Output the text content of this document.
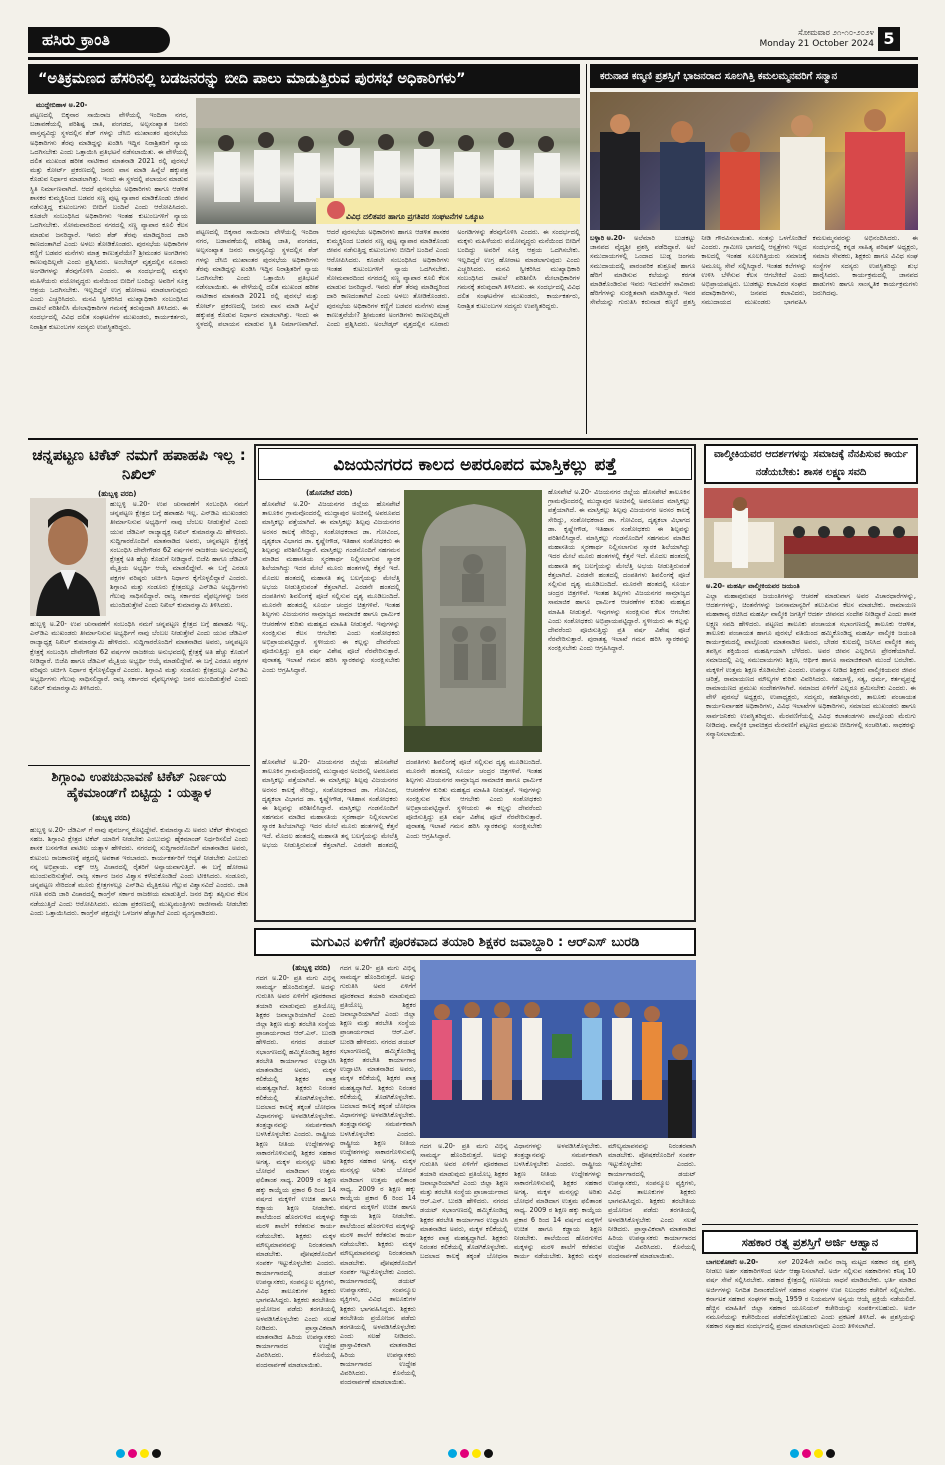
ಹಸಿರು ಕ್ರಾಂತಿ	ಸೋಮವಾರ ೨೧-೧೦-೨೦೨೪
Monday 21 October 2024 5
“ಅತಿಕ್ರಮಣದ ಹೆಸರಿನಲ್ಲಿ ಬಡಜನರನ್ನು ಬೀದಿ ಪಾಲು ಮಾಡುತ್ತಿರುವ ಪುರಸಭೆ ಅಧಿಕಾರಿಗಳು”
ವಿವಿಧ ದಲಿತಪರ ಹಾಗೂ ಪ್ರಗತಿಪರ ಸಂಘಟನೆಗಳ ಒಕ್ಕೂಟ
ಮುದ್ದೇಬಿಹಾಳ ಅ.20-
ಪಟ್ಟಣದಲ್ಲಿ ಬಿಕ್ಕನಾರ ಸಾಯಿರಾಜ ವೇಳೆಯಲ್ಲಿ ಇಂದಿರಾ ನಗರ, ಬಡಾವಣೆಯಲ್ಲಿ ಪರಿಶಿಷ್ಟ ಜಾತಿ, ಪಂಗಡದ, ಅಲ್ಪಸಂಖ್ಯಾತ ಜನರು ವಾಸ್ತವ್ಯವಿದ್ದು ಸ್ಥಳದಲ್ಲಿನ ಶೆಡ್ ಗಳನ್ನು ಜೆಸಿಬಿ ಮುಖಾಂತರ ಪುರಸಭೆಯ ಅಧಿಕಾರಿಗಳು ತೆರವು ಮಾಡಿದ್ದನ್ನು ಖಂಡಿಸಿ ಇದ್ದಿನ ನಿರಾಶ್ರಿತರಿಗೆ ನ್ಯಾಯ ಒದಗಿಸಬೇಕು ಎಂದು ಒತ್ತಾಯಿಸಿ ಪ್ರತಿಭಟನೆ ನಡೆಸಲಾಯಿತು. ಈ ವೇಳೆಯಲ್ಲಿ ದಲಿತ ಮುಖಂಡ ಹರೀಶ ನಾಟೀಕಾರ ಮಾತನಾಡಿ 2021 ರಲ್ಲಿ ಪುರಸಭೆ ಮತ್ತು ಕೋರ್ಟ್ ಪ್ರಕರಣದಲ್ಲಿ ಜನರು ವಾಸ ಮಾಡಿ ಹಿನ್ನೆಲೆ ಹಕ್ಕುಪತ್ರ ಕೊಡುವ ನಿರ್ಧಾರ ಮಾಡಲಾಗಿತ್ತು. ಇಂದು ಈ ಸ್ಥಳದಲ್ಲಿ ಪಲಾಯನ ಮಾಡುವ ಸ್ಥಿತಿ ನಿರ್ಮಾಣವಾಗಿದೆ. ಆದರೆ ಪುರಸಭೆಯ ಅಧಿಕಾರಿಗಳು ಹಾಗೂ ಆಡಳಿತ ಶಾಸಕರ ಕುಮ್ಮಕ್ಕಿನಿಂದ ಬಡವರ ಸಣ್ಣ ಪುಟ್ಟ ವ್ಯಾಪಾರ ಮಾಡಿಕೊಂಡು ಜೀವನ ನಡೆಸುತ್ತಿದ್ದ ಕುಟುಂಬಗಳು ಬೀದಿಗೆ ಬಂದಿವೆ ಎಂದು ಆರೋಪಿಸಿದರು. ಕೂಡಲೇ ಸಂಬಂಧಿಸಿದ ಅಧಿಕಾರಿಗಳು ಇಂತಹ ಕುಟುಂಬಗಳಿಗೆ ನ್ಯಾಯ ಒದಗಿಸಬೇಕು. ಸೋಮವಾರದಿಂದ ನಗರದಲ್ಲಿ ಸಣ್ಣ ವ್ಯಾಪಾರ ಕೂಲಿ ಕೆಲಸ ಮಾಡುವ ಜನರಿದ್ದಾರೆ. ಇವರು ಶೆಡ್ ತೆರವು ಮಾಡಿದ್ದರಿಂದ ದಾರಿ ಕಾಣದಂತಾಗಿದೆ ಎಂದು ಅಳಲು ತೋಡಿಕೊಂಡರು. ಪುರಸಭೆಯ ಅಧಿಕಾರಿಗಳ ಕಣ್ಣಿಗೆ ಬಡವರ ಮನೆಗಳು ಮಾತ್ರ ಕಾಣುತ್ತವೆಯೇ? ಶ್ರೀಮಂತರ ಅಂಗಡಿಗಳು ಕಾಣುವುದಿಲ್ಲವೇ ಎಂದು ಪ್ರಶ್ನಿಸಿದರು. ಅಂಬೇಡ್ಕರ್ ವೃತ್ತದಲ್ಲಿನ ನೂರಾರು ಅಂಗಡಿಗಳನ್ನು ತೆರವುಗೊಳಿಸಿ ಎಂದರು. ಈ ಸಂದರ್ಭದಲ್ಲಿ ಮಕ್ಕಳು ಮಹಿಳೆಯರು ವಯೋವೃದ್ಧರು ಮನೆಯಿಂದ ಬೀದಿಗೆ ಬಂದಿದ್ದು ಅವರಿಗೆ ಸೂಕ್ತ ಆಶ್ರಯ ಒದಗಿಸಬೇಕು. ಇಲ್ಲದಿದ್ದರೆ ಉಗ್ರ ಹೋರಾಟ ಮಾಡಲಾಗುವುದು ಎಂದು ಎಚ್ಚರಿಸಿದರು. ಮನವಿ ಸ್ವೀಕರಿಸಿದ ಮುಖ್ಯಾಧಿಕಾರಿ ಸಂಬಂಧಿಸಿದ ದಾಖಲೆ ಪರಿಶೀಲಿಸಿ ಮೇಲಾಧಿಕಾರಿಗಳ ಗಮನಕ್ಕೆ ತರುವುದಾಗಿ ತಿಳಿಸಿದರು. ಈ ಸಂದರ್ಭದಲ್ಲಿ ವಿವಿಧ ದಲಿತ ಸಂಘಟನೆಗಳ ಮುಖಂಡರು, ಕಾರ್ಯಕರ್ತರು, ನಿರಾಶ್ರಿತ ಕುಟುಂಬಗಳ ಸದಸ್ಯರು ಉಪಸ್ಥಿತರಿದ್ದರು.
ಪಟ್ಟಣದಲ್ಲಿ ಬಿಕ್ಕನಾರ ಸಾಯಿರಾಜ ವೇಳೆಯಲ್ಲಿ ಇಂದಿರಾ ನಗರ, ಬಡಾವಣೆಯಲ್ಲಿ ಪರಿಶಿಷ್ಟ ಜಾತಿ, ಪಂಗಡದ, ಅಲ್ಪಸಂಖ್ಯಾತ ಜನರು ವಾಸ್ತವ್ಯವಿದ್ದು ಸ್ಥಳದಲ್ಲಿನ ಶೆಡ್ ಗಳನ್ನು ಜೆಸಿಬಿ ಮುಖಾಂತರ ಪುರಸಭೆಯ ಅಧಿಕಾರಿಗಳು ತೆರವು ಮಾಡಿದ್ದನ್ನು ಖಂಡಿಸಿ ಇದ್ದಿನ ನಿರಾಶ್ರಿತರಿಗೆ ನ್ಯಾಯ ಒದಗಿಸಬೇಕು ಎಂದು ಒತ್ತಾಯಿಸಿ ಪ್ರತಿಭಟನೆ ನಡೆಸಲಾಯಿತು. ಈ ವೇಳೆಯಲ್ಲಿ ದಲಿತ ಮುಖಂಡ ಹರೀಶ ನಾಟೀಕಾರ ಮಾತನಾಡಿ 2021 ರಲ್ಲಿ ಪುರಸಭೆ ಮತ್ತು ಕೋರ್ಟ್ ಪ್ರಕರಣದಲ್ಲಿ ಜನರು ವಾಸ ಮಾಡಿ ಹಿನ್ನೆಲೆ ಹಕ್ಕುಪತ್ರ ಕೊಡುವ ನಿರ್ಧಾರ ಮಾಡಲಾಗಿತ್ತು. ಇಂದು ಈ ಸ್ಥಳದಲ್ಲಿ ಪಲಾಯನ ಮಾಡುವ ಸ್ಥಿತಿ ನಿರ್ಮಾಣವಾಗಿದೆ. ಆದರೆ ಪುರಸಭೆಯ ಅಧಿಕಾರಿಗಳು ಹಾಗೂ ಆಡಳಿತ ಶಾಸಕರ ಕುಮ್ಮಕ್ಕಿನಿಂದ ಬಡವರ ಸಣ್ಣ ಪುಟ್ಟ ವ್ಯಾಪಾರ ಮಾಡಿಕೊಂಡು ಜೀವನ ನಡೆಸುತ್ತಿದ್ದ ಕುಟುಂಬಗಳು ಬೀದಿಗೆ ಬಂದಿವೆ ಎಂದು ಆರೋಪಿಸಿದರು. ಕೂಡಲೇ ಸಂಬಂಧಿಸಿದ ಅಧಿಕಾರಿಗಳು ಇಂತಹ ಕುಟುಂಬಗಳಿಗೆ ನ್ಯಾಯ ಒದಗಿಸಬೇಕು. ಸೋಮವಾರದಿಂದ ನಗರದಲ್ಲಿ ಸಣ್ಣ ವ್ಯಾಪಾರ ಕೂಲಿ ಕೆಲಸ ಮಾಡುವ ಜನರಿದ್ದಾರೆ. ಇವರು ಶೆಡ್ ತೆರವು ಮಾಡಿದ್ದರಿಂದ ದಾರಿ ಕಾಣದಂತಾಗಿದೆ ಎಂದು ಅಳಲು ತೋಡಿಕೊಂಡರು. ಪುರಸಭೆಯ ಅಧಿಕಾರಿಗಳ ಕಣ್ಣಿಗೆ ಬಡವರ ಮನೆಗಳು ಮಾತ್ರ ಕಾಣುತ್ತವೆಯೇ? ಶ್ರೀಮಂತರ ಅಂಗಡಿಗಳು ಕಾಣುವುದಿಲ್ಲವೇ ಎಂದು ಪ್ರಶ್ನಿಸಿದರು. ಅಂಬೇಡ್ಕರ್ ವೃತ್ತದಲ್ಲಿನ ನೂರಾರು ಅಂಗಡಿಗಳನ್ನು ತೆರವುಗೊಳಿಸಿ ಎಂದರು. ಈ ಸಂದರ್ಭದಲ್ಲಿ ಮಕ್ಕಳು ಮಹಿಳೆಯರು ವಯೋವೃದ್ಧರು ಮನೆಯಿಂದ ಬೀದಿಗೆ ಬಂದಿದ್ದು ಅವರಿಗೆ ಸೂಕ್ತ ಆಶ್ರಯ ಒದಗಿಸಬೇಕು. ಇಲ್ಲದಿದ್ದರೆ ಉಗ್ರ ಹೋರಾಟ ಮಾಡಲಾಗುವುದು ಎಂದು ಎಚ್ಚರಿಸಿದರು. ಮನವಿ ಸ್ವೀಕರಿಸಿದ ಮುಖ್ಯಾಧಿಕಾರಿ ಸಂಬಂಧಿಸಿದ ದಾಖಲೆ ಪರಿಶೀಲಿಸಿ ಮೇಲಾಧಿಕಾರಿಗಳ ಗಮನಕ್ಕೆ ತರುವುದಾಗಿ ತಿಳಿಸಿದರು. ಈ ಸಂದರ್ಭದಲ್ಲಿ ವಿವಿಧ ದಲಿತ ಸಂಘಟನೆಗಳ ಮುಖಂಡರು, ಕಾರ್ಯಕರ್ತರು, ನಿರಾಶ್ರಿತ ಕುಟುಂಬಗಳ ಸದಸ್ಯರು ಉಪಸ್ಥಿತರಿದ್ದರು.
ಕರುನಾಡ ಕಣ್ಮಣಿ ಪ್ರಶಸ್ತಿಗೆ ಭಾಜನರಾದ ಸೂಲಗಿತ್ತಿ ಕಮಲಮ್ಮನವರಿಗೆ ಸನ್ಮಾನ
ಬಳ್ಳಾರಿ ಅ.20-	ಅಲೆಮಾರಿ ಬುಡಕಟ್ಟು ಜಾನಪದ ವೈದ್ಯಶ್ರೀ ಪ್ರಶಸ್ತಿ ಪಡೆದಿದ್ದಾರೆ. ಅಲೆ ಸಮುದಾಯಗಳಲ್ಲಿ ಒಂದಾದ ಬುಡ್ಗ ಜಂಗಮ ಸಮುದಾಯದಲ್ಲಿ ಪಾರಂಪರಿಕ ಶುಶ್ರೂಷೆ ಹಾಗೂ ಹೆರಿಗೆ ಮಾಡಿಸುವ ಕಲೆಯನ್ನು ಕರಗತ ಮಾಡಿಕೊಂಡಿರುವ ಇವರು ಇದುವರೆಗೆ ಸಾವಿರಾರು ಹೆರಿಗೆಗಳನ್ನು ಸುರಕ್ಷಿತವಾಗಿ ಮಾಡಿಸಿದ್ದಾರೆ. ಇವರ ಸೇವೆಯನ್ನು ಗುರುತಿಸಿ ಕರುನಾಡ ಕಣ್ಮಣಿ ಪ್ರಶಸ್ತಿ ನೀಡಿ ಗೌರವಿಸಲಾಯಿತು. ಸಂತಸ್ತು ಒಳಗೊಂಡಿದೆ ಎಂದರು. ಗ್ರಾಮೀಣ ಭಾಗದಲ್ಲಿ ಆಸ್ಪತ್ರೆಗಳು ಇಲ್ಲದ ಕಾಲದಲ್ಲಿ ಇಂತಹ ಸೂಲಗಿತ್ತಿಯರು ಸಮಾಜಕ್ಕೆ ಅಮೂಲ್ಯ ಸೇವೆ ಸಲ್ಲಿಸಿದ್ದಾರೆ. ಇಂತಹ ಕಲೆಗಳನ್ನು ಉಳಿಸಿ ಬೆಳೆಸುವ ಕೆಲಸ ಆಗಬೇಕಿದೆ ಎಂದು ಅಭಿಪ್ರಾಯಪಟ್ಟರು. ಬುಡಕಟ್ಟು ಕಲಾವಿದರ ಸಂಘದ ಪದಾಧಿಕಾರಿಗಳು, ಜನಪದ ಕಲಾವಿದರು, ಸಮುದಾಯದ ಮುಖಂಡರು ಭಾಗವಹಿಸಿ ಕಮಲಮ್ಮನವರನ್ನು ಅಭಿನಂದಿಸಿದರು. ಈ ಸಂದರ್ಭದಲ್ಲಿ ಕನ್ನಡ ಸಾಹಿತ್ಯ ಪರಿಷತ್ ಅಧ್ಯಕ್ಷರು, ಸಮಾಜ ಸೇವಕರು, ಶಿಕ್ಷಕರು ಹಾಗೂ ವಿವಿಧ ಸಂಘ ಸಂಸ್ಥೆಗಳ ಸದಸ್ಯರು ಉಪಸ್ಥಿತರಿದ್ದು ಶುಭ ಹಾರೈಸಿದರು. ಕಾರ್ಯಕ್ರಮದಲ್ಲಿ ಜಾನಪದ ಹಾಡುಗಳು ಹಾಗೂ ಸಾಂಸ್ಕೃತಿಕ ಕಾರ್ಯಕ್ರಮಗಳು ಜರುಗಿದವು.
ಚನ್ನಪಟ್ಟಣ ಟಿಕೆಟ್ ನಮಗೆ ಹಪಾಹಪಿ ಇಲ್ಲ : ನಿಖಿಲ್
(ಹುಬ್ಬಳ್ಳಿ ವರದಿ)
ಹುಬ್ಬಳ್ಳಿ ಅ.20- ಉಪ ಚುನಾವಣೆಗೆ ಸಂಬಂಧಿಸಿ ನಮಗೆ ಚನ್ನಪಟ್ಟಣ ಕ್ಷೇತ್ರದ ಬಗ್ಗೆ ಹಪಾಹಪಿ ಇಲ್ಲ. ಎನ್‌ಡಿಎ ಮುಖಂಡರು ತೀರ್ಮಾನಿಸುವ ಅಭ್ಯರ್ಥಿಗೆ ನಾವು ಬೆಂಬಲ ನೀಡುತ್ತೇವೆ ಎಂದು ಯುವ ಜೆಡಿಎಸ್ ರಾಜ್ಯಾಧ್ಯಕ್ಷ ನಿಖಿಲ್ ಕುಮಾರಸ್ವಾಮಿ ಹೇಳಿದರು. ಸುದ್ದಿಗಾರರೊಂದಿಗೆ ಮಾತನಾಡಿದ ಅವರು, ಚನ್ನಪಟ್ಟಣ ಕ್ಷೇತ್ರಕ್ಕೆ ಸಂಬಂಧಿಸಿ ದೇವೇಗೌಡರ 62 ವರ್ಷಗಳ ರಾಜಕೀಯ ಅನುಭವದಲ್ಲಿ ಕ್ಷೇತ್ರಕ್ಕೆ ಅತಿ ಹೆಚ್ಚು ಕೊಡುಗೆ ನೀಡಿದ್ದಾರೆ. ಬಿಜೆಪಿ ಹಾಗೂ ಜೆಡಿಎಸ್ ಮೈತ್ರಿಯ ಅಭ್ಯರ್ಥಿ ಆಯ್ಕೆ ಮಾಡಲಿದ್ದೇವೆ. ಈ ಬಗ್ಗೆ ಎರಡೂ ಪಕ್ಷಗಳ ವರಿಷ್ಠರು ಚರ್ಚಿಸಿ ನಿರ್ಧಾರ ಕೈಗೊಳ್ಳಲಿದ್ದಾರೆ ಎಂದರು. ಶಿಗ್ಗಾಂವಿ ಮತ್ತು ಸಂಡೂರು ಕ್ಷೇತ್ರದಲ್ಲೂ ಎನ್‌ಡಿಎ ಅಭ್ಯರ್ಥಿಗಳು ಗೆಲುವು ಸಾಧಿಸಲಿದ್ದಾರೆ. ರಾಜ್ಯ ಸರ್ಕಾರದ ವೈಫಲ್ಯಗಳನ್ನು ಜನರ ಮುಂದಿಡುತ್ತೇವೆ ಎಂದು ನಿಖಿಲ್ ಕುಮಾರಸ್ವಾಮಿ ತಿಳಿಸಿದರು.
ಹುಬ್ಬಳ್ಳಿ ಅ.20- ಉಪ ಚುನಾವಣೆಗೆ ಸಂಬಂಧಿಸಿ ನಮಗೆ ಚನ್ನಪಟ್ಟಣ ಕ್ಷೇತ್ರದ ಬಗ್ಗೆ ಹಪಾಹಪಿ ಇಲ್ಲ. ಎನ್‌ಡಿಎ ಮುಖಂಡರು ತೀರ್ಮಾನಿಸುವ ಅಭ್ಯರ್ಥಿಗೆ ನಾವು ಬೆಂಬಲ ನೀಡುತ್ತೇವೆ ಎಂದು ಯುವ ಜೆಡಿಎಸ್ ರಾಜ್ಯಾಧ್ಯಕ್ಷ ನಿಖಿಲ್ ಕುಮಾರಸ್ವಾಮಿ ಹೇಳಿದರು. ಸುದ್ದಿಗಾರರೊಂದಿಗೆ ಮಾತನಾಡಿದ ಅವರು, ಚನ್ನಪಟ್ಟಣ ಕ್ಷೇತ್ರಕ್ಕೆ ಸಂಬಂಧಿಸಿ ದೇವೇಗೌಡರ 62 ವರ್ಷಗಳ ರಾಜಕೀಯ ಅನುಭವದಲ್ಲಿ ಕ್ಷೇತ್ರಕ್ಕೆ ಅತಿ ಹೆಚ್ಚು ಕೊಡುಗೆ ನೀಡಿದ್ದಾರೆ. ಬಿಜೆಪಿ ಹಾಗೂ ಜೆಡಿಎಸ್ ಮೈತ್ರಿಯ ಅಭ್ಯರ್ಥಿ ಆಯ್ಕೆ ಮಾಡಲಿದ್ದೇವೆ. ಈ ಬಗ್ಗೆ ಎರಡೂ ಪಕ್ಷಗಳ ವರಿಷ್ಠರು ಚರ್ಚಿಸಿ ನಿರ್ಧಾರ ಕೈಗೊಳ್ಳಲಿದ್ದಾರೆ ಎಂದರು. ಶಿಗ್ಗಾಂವಿ ಮತ್ತು ಸಂಡೂರು ಕ್ಷೇತ್ರದಲ್ಲೂ ಎನ್‌ಡಿಎ ಅಭ್ಯರ್ಥಿಗಳು ಗೆಲುವು ಸಾಧಿಸಲಿದ್ದಾರೆ. ರಾಜ್ಯ ಸರ್ಕಾರದ ವೈಫಲ್ಯಗಳನ್ನು ಜನರ ಮುಂದಿಡುತ್ತೇವೆ ಎಂದು ನಿಖಿಲ್ ಕುಮಾರಸ್ವಾಮಿ ತಿಳಿಸಿದರು.
ಶಿಗ್ಗಾಂವಿ ಉಪಚುನಾವಣೆ ಟಿಕೆಟ್ ನಿರ್ಣಯ ಹೈಕಮಾಂಡ್‌ಗೆ ಬಿಟ್ಟಿದ್ದು : ಯತ್ನಾಳ
(ಹುಬ್ಬಳ್ಳಿ ವರದಿ)
ಹುಬ್ಬಳ್ಳಿ ಅ.20- ಜೆಡಿಎಸ್ ಗೆ ನಾವು ಪುನರ್ಜನ್ಮ ಕೊಟ್ಟಿದ್ದೇವೆ. ಕುಮಾರಸ್ವಾಮಿ ಅವರು ಟಿಕೆಟ್ ಕೇಳುವುದು ಸಹಜ. ಶಿಗ್ಗಾಂವಿ ಕ್ಷೇತ್ರದ ಟಿಕೆಟ್ ಯಾರಿಗೆ ನೀಡಬೇಕು ಎಂಬುದನ್ನು ಹೈಕಮಾಂಡ್ ನಿರ್ಧರಿಸಲಿದೆ ಎಂದು ಶಾಸಕ ಬಸನಗೌಡ ಪಾಟೀಲ ಯತ್ನಾಳ ಹೇಳಿದರು. ನಗರದಲ್ಲಿ ಸುದ್ದಿಗಾರರೊಂದಿಗೆ ಮಾತನಾಡಿದ ಅವರು, ಕುಟುಂಬ ರಾಜಕಾರಣಕ್ಕೆ ಪಕ್ಷದಲ್ಲಿ ಅವಕಾಶ ಇರಬಾರದು. ಕಾರ್ಯಕರ್ತರಿಗೆ ಆದ್ಯತೆ ನೀಡಬೇಕು ಎಂಬುದು ನನ್ನ ಅಭಿಪ್ರಾಯ. ವಕ್ಫ್ ಆಸ್ತಿ ವಿಚಾರದಲ್ಲಿ ರೈತರಿಗೆ ಅನ್ಯಾಯವಾಗುತ್ತಿದೆ. ಈ ಬಗ್ಗೆ ಹೋರಾಟ ಮುಂದುವರಿಸುತ್ತೇವೆ. ರಾಜ್ಯ ಸರ್ಕಾರ ಜನರ ವಿಶ್ವಾಸ ಕಳೆದುಕೊಂಡಿದೆ ಎಂದು ಟೀಕಿಸಿದರು. ಸಂಡೂರು, ಚನ್ನಪಟ್ಟಣ ಸೇರಿದಂತೆ ಮೂರು ಕ್ಷೇತ್ರಗಳಲ್ಲೂ ಎನ್‌ಡಿಎ ಮೈತ್ರಿಕೂಟ ಗೆಲ್ಲುವ ವಿಶ್ವಾಸವಿದೆ ಎಂದರು. ಜಾತಿ ಗಣತಿ ವರದಿ ಜಾರಿ ವಿಚಾರದಲ್ಲಿ ಕಾಂಗ್ರೆಸ್ ಸರ್ಕಾರ ರಾಜಕೀಯ ಮಾಡುತ್ತಿದೆ. ಜನರ ದಿಕ್ಕು ತಪ್ಪಿಸುವ ಕೆಲಸ ನಡೆಯುತ್ತಿದೆ ಎಂದು ಆರೋಪಿಸಿದರು. ಮುಡಾ ಪ್ರಕರಣದಲ್ಲಿ ಮುಖ್ಯಮಂತ್ರಿಗಳು ರಾಜೀನಾಮೆ ನೀಡಬೇಕು ಎಂದು ಒತ್ತಾಯಿಸಿದರು. ಕಾಂಗ್ರೆಸ್ ಪಕ್ಷದಲ್ಲೇ ಒಳಜಗಳ ಹೆಚ್ಚಾಗಿದೆ ಎಂದು ವ್ಯಂಗ್ಯವಾಡಿದರು.
ವಿಜಯನಗರದ ಕಾಲದ ಅಪರೂಪದ ಮಾಸ್ತಿಕಲ್ಲು ಪತ್ತೆ
(ಹೊಸಪೇಟೆ ವರದಿ)
ಹೊಸಪೇಟೆ ಅ.20- ವಿಜಯನಗರ ಜಿಲ್ಲೆಯ ಹೊಸಪೇಟೆ ತಾಲೂಕಿನ ಗ್ರಾಮವೊಂದರಲ್ಲಿ ಮುದ್ದಾಪುರ ಅಂಚಿನಲ್ಲಿ ಅಪರೂಪದ ಮಾಸ್ತಿಕಲ್ಲು ಪತ್ತೆಯಾಗಿದೆ. ಈ ಮಾಸ್ತಿಕಲ್ಲು ಶಿಲ್ಪವು ವಿಜಯನಗರ ಅರಸರ ಕಾಲಕ್ಕೆ ಸೇರಿದ್ದು, ಸಂಶೋಧಕರಾದ ಡಾ. ಗೋವಿಂದ, ದೃಶ್ಯಕಲಾ ವಿಭಾಗದ ಡಾ. ಕೃಷ್ಣೇಗೌಡ, ಇತಿಹಾಸ ಸಂಶೋಧಕರು ಈ ಶಿಲ್ಪವನ್ನು ಪರಿಶೀಲಿಸಿದ್ದಾರೆ. ಮಾಸ್ತಿಕಲ್ಲು ಗಂಡನೊಂದಿಗೆ ಸಹಗಮನ ಮಾಡಿದ ಮಹಾಸತಿಯ ಸ್ಮರಣಾರ್ಥ ನಿಲ್ಲಿಸಲಾಗುವ ಸ್ಮಾರಕ ಶಿಲೆಯಾಗಿದ್ದು ಇದರ ಮೇಲೆ ಮೂರು ಹಂತಗಳಲ್ಲಿ ಕೆತ್ತನೆ ಇದೆ. ಮೊದಲ ಹಂತದಲ್ಲಿ ಮಹಾಸತಿ ತನ್ನ ಬಲಗೈಯನ್ನು ಮೇಲೆತ್ತಿ ಅಭಯ ನೀಡುತ್ತಿರುವಂತೆ ಕೆತ್ತಲಾಗಿದೆ. ಎರಡನೇ ಹಂತದಲ್ಲಿ ದಂಪತಿಗಳು ಶಿವಲಿಂಗಕ್ಕೆ ಪೂಜೆ ಸಲ್ಲಿಸುವ ದೃಶ್ಯ ಮೂಡಿಬಂದಿದೆ. ಮೂರನೇ ಹಂತದಲ್ಲಿ ಸೂರ್ಯ ಚಂದ್ರರ ಚಿತ್ರಗಳಿವೆ. ಇಂತಹ ಶಿಲ್ಪಗಳು ವಿಜಯನಗರ ಸಾಮ್ರಾಜ್ಯದ ಸಾಮಾಜಿಕ ಹಾಗೂ ಧಾರ್ಮಿಕ ಆಚರಣೆಗಳ ಕುರಿತು ಮಹತ್ವದ ಮಾಹಿತಿ ನೀಡುತ್ತವೆ. ಇವುಗಳನ್ನು ಸಂರಕ್ಷಿಸುವ ಕೆಲಸ ಆಗಬೇಕು ಎಂದು ಸಂಶೋಧಕರು ಅಭಿಪ್ರಾಯಪಟ್ಟಿದ್ದಾರೆ. ಸ್ಥಳೀಯರು ಈ ಕಲ್ಲನ್ನು ದೇವರೆಂದು ಪೂಜಿಸುತ್ತಿದ್ದು ಪ್ರತಿ ವರ್ಷ ವಿಶೇಷ ಪೂಜೆ ನೆರವೇರಿಸುತ್ತಾರೆ. ಪುರಾತತ್ವ ಇಲಾಖೆ ಗಮನ ಹರಿಸಿ ಸ್ಮಾರಕವನ್ನು ಸಂರಕ್ಷಿಸಬೇಕು ಎಂದು ಆಗ್ರಹಿಸಿದ್ದಾರೆ.
ಹೊಸಪೇಟೆ ಅ.20- ವಿಜಯನಗರ ಜಿಲ್ಲೆಯ ಹೊಸಪೇಟೆ ತಾಲೂಕಿನ ಗ್ರಾಮವೊಂದರಲ್ಲಿ ಮುದ್ದಾಪುರ ಅಂಚಿನಲ್ಲಿ ಅಪರೂಪದ ಮಾಸ್ತಿಕಲ್ಲು ಪತ್ತೆಯಾಗಿದೆ. ಈ ಮಾಸ್ತಿಕಲ್ಲು ಶಿಲ್ಪವು ವಿಜಯನಗರ ಅರಸರ ಕಾಲಕ್ಕೆ ಸೇರಿದ್ದು, ಸಂಶೋಧಕರಾದ ಡಾ. ಗೋವಿಂದ, ದೃಶ್ಯಕಲಾ ವಿಭಾಗದ ಡಾ. ಕೃಷ್ಣೇಗೌಡ, ಇತಿಹಾಸ ಸಂಶೋಧಕರು ಈ ಶಿಲ್ಪವನ್ನು ಪರಿಶೀಲಿಸಿದ್ದಾರೆ. ಮಾಸ್ತಿಕಲ್ಲು ಗಂಡನೊಂದಿಗೆ ಸಹಗಮನ ಮಾಡಿದ ಮಹಾಸತಿಯ ಸ್ಮರಣಾರ್ಥ ನಿಲ್ಲಿಸಲಾಗುವ ಸ್ಮಾರಕ ಶಿಲೆಯಾಗಿದ್ದು ಇದರ ಮೇಲೆ ಮೂರು ಹಂತಗಳಲ್ಲಿ ಕೆತ್ತನೆ ಇದೆ. ಮೊದಲ ಹಂತದಲ್ಲಿ ಮಹಾಸತಿ ತನ್ನ ಬಲಗೈಯನ್ನು ಮೇಲೆತ್ತಿ ಅಭಯ ನೀಡುತ್ತಿರುವಂತೆ ಕೆತ್ತಲಾಗಿದೆ. ಎರಡನೇ ಹಂತದಲ್ಲಿ ದಂಪತಿಗಳು ಶಿವಲಿಂಗಕ್ಕೆ ಪೂಜೆ ಸಲ್ಲಿಸುವ ದೃಶ್ಯ ಮೂಡಿಬಂದಿದೆ. ಮೂರನೇ ಹಂತದಲ್ಲಿ ಸೂರ್ಯ ಚಂದ್ರರ ಚಿತ್ರಗಳಿವೆ. ಇಂತಹ ಶಿಲ್ಪಗಳು ವಿಜಯನಗರ ಸಾಮ್ರಾಜ್ಯದ ಸಾಮಾಜಿಕ ಹಾಗೂ ಧಾರ್ಮಿಕ ಆಚರಣೆಗಳ ಕುರಿತು ಮಹತ್ವದ ಮಾಹಿತಿ ನೀಡುತ್ತವೆ. ಇವುಗಳನ್ನು ಸಂರಕ್ಷಿಸುವ ಕೆಲಸ ಆಗಬೇಕು ಎಂದು ಸಂಶೋಧಕರು ಅಭಿಪ್ರಾಯಪಟ್ಟಿದ್ದಾರೆ. ಸ್ಥಳೀಯರು ಈ ಕಲ್ಲನ್ನು ದೇವರೆಂದು ಪೂಜಿಸುತ್ತಿದ್ದು ಪ್ರತಿ ವರ್ಷ ವಿಶೇಷ ಪೂಜೆ ನೆರವೇರಿಸುತ್ತಾರೆ. ಪುರಾತತ್ವ ಇಲಾಖೆ ಗಮನ ಹರಿಸಿ ಸ್ಮಾರಕವನ್ನು ಸಂರಕ್ಷಿಸಬೇಕು ಎಂದು ಆಗ್ರಹಿಸಿದ್ದಾರೆ.
ಹೊಸಪೇಟೆ ಅ.20- ವಿಜಯನಗರ ಜಿಲ್ಲೆಯ ಹೊಸಪೇಟೆ ತಾಲೂಕಿನ ಗ್ರಾಮವೊಂದರಲ್ಲಿ ಮುದ್ದಾಪುರ ಅಂಚಿನಲ್ಲಿ ಅಪರೂಪದ ಮಾಸ್ತಿಕಲ್ಲು ಪತ್ತೆಯಾಗಿದೆ. ಈ ಮಾಸ್ತಿಕಲ್ಲು ಶಿಲ್ಪವು ವಿಜಯನಗರ ಅರಸರ ಕಾಲಕ್ಕೆ ಸೇರಿದ್ದು, ಸಂಶೋಧಕರಾದ ಡಾ. ಗೋವಿಂದ, ದೃಶ್ಯಕಲಾ ವಿಭಾಗದ ಡಾ. ಕೃಷ್ಣೇಗೌಡ, ಇತಿಹಾಸ ಸಂಶೋಧಕರು ಈ ಶಿಲ್ಪವನ್ನು ಪರಿಶೀಲಿಸಿದ್ದಾರೆ. ಮಾಸ್ತಿಕಲ್ಲು ಗಂಡನೊಂದಿಗೆ ಸಹಗಮನ ಮಾಡಿದ ಮಹಾಸತಿಯ ಸ್ಮರಣಾರ್ಥ ನಿಲ್ಲಿಸಲಾಗುವ ಸ್ಮಾರಕ ಶಿಲೆಯಾಗಿದ್ದು ಇದರ ಮೇಲೆ ಮೂರು ಹಂತಗಳಲ್ಲಿ ಕೆತ್ತನೆ ಇದೆ. ಮೊದಲ ಹಂತದಲ್ಲಿ ಮಹಾಸತಿ ತನ್ನ ಬಲಗೈಯನ್ನು ಮೇಲೆತ್ತಿ ಅಭಯ ನೀಡುತ್ತಿರುವಂತೆ ಕೆತ್ತಲಾಗಿದೆ. ಎರಡನೇ ಹಂತದಲ್ಲಿ ದಂಪತಿಗಳು ಶಿವಲಿಂಗಕ್ಕೆ ಪೂಜೆ ಸಲ್ಲಿಸುವ ದೃಶ್ಯ ಮೂಡಿಬಂದಿದೆ. ಮೂರನೇ ಹಂತದಲ್ಲಿ ಸೂರ್ಯ ಚಂದ್ರರ ಚಿತ್ರಗಳಿವೆ. ಇಂತಹ ಶಿಲ್ಪಗಳು ವಿಜಯನಗರ ಸಾಮ್ರಾಜ್ಯದ ಸಾಮಾಜಿಕ ಹಾಗೂ ಧಾರ್ಮಿಕ ಆಚರಣೆಗಳ ಕುರಿತು ಮಹತ್ವದ ಮಾಹಿತಿ ನೀಡುತ್ತವೆ. ಇವುಗಳನ್ನು ಸಂರಕ್ಷಿಸುವ ಕೆಲಸ ಆಗಬೇಕು ಎಂದು ಸಂಶೋಧಕರು ಅಭಿಪ್ರಾಯಪಟ್ಟಿದ್ದಾರೆ. ಸ್ಥಳೀಯರು ಈ ಕಲ್ಲನ್ನು ದೇವರೆಂದು ಪೂಜಿಸುತ್ತಿದ್ದು ಪ್ರತಿ ವರ್ಷ ವಿಶೇಷ ಪೂಜೆ ನೆರವೇರಿಸುತ್ತಾರೆ. ಪುರಾತತ್ವ ಇಲಾಖೆ ಗಮನ ಹರಿಸಿ ಸ್ಮಾರಕವನ್ನು ಸಂರಕ್ಷಿಸಬೇಕು ಎಂದು ಆಗ್ರಹಿಸಿದ್ದಾರೆ.
ವಾಲ್ಮೀಕಿಯವರ ಆದರ್ಶಗಳನ್ನು ಸಮಾಜಕ್ಕೆ ನೆನಪಿಸುವ ಕಾರ್ಯ ನಡೆಯಬೇಕು: ಶಾಸಕ ಲಕ್ಷ್ಮಣ ಸವದಿ
ಅ.20- ಮಹರ್ಷಿ ವಾಲ್ಮೀಕಿಯವರ ಜಯಂತಿ
ಎಲ್ಲಾ ಮಹಾಪುರುಷರ ಜಯಂತಿಗಳನ್ನು ಆಚರಣೆ ಮಾಡುವಾಗ ಅವರ ವಿಚಾರಧಾರೆಗಳನ್ನು, ಆದರ್ಶಗಳನ್ನು, ಚಿಂತನೆಗಳನ್ನು ಜನಸಾಮಾನ್ಯರಿಗೆ ತಲುಪಿಸುವ ಕೆಲಸ ಮಾಡಬೇಕು. ರಾಮಾಯಣ ಮಹಾಕಾವ್ಯ ರಚಿಸಿದ ಮಹರ್ಷಿ ವಾಲ್ಮೀಕಿ ಜಗತ್ತಿಗೆ ಆದರ್ಶ ಜೀವನದ ಸಂದೇಶ ನೀಡಿದ್ದಾರೆ ಎಂದು ಶಾಸಕ ಲಕ್ಷ್ಮಣ ಸವದಿ ಹೇಳಿದರು. ಪಟ್ಟಣದ ತಾಲೂಕು ಪಂಚಾಯತ ಸಭಾಂಗಣದಲ್ಲಿ ತಾಲೂಕು ಆಡಳಿತ, ತಾಲೂಕು ಪಂಚಾಯತ ಹಾಗೂ ಪುರಸಭೆ ವತಿಯಿಂದ ಹಮ್ಮಿಕೊಂಡಿದ್ದ ಮಹರ್ಷಿ ವಾಲ್ಮೀಕಿ ಜಯಂತಿ ಕಾರ್ಯಕ್ರಮದಲ್ಲಿ ಪಾಲ್ಗೊಂಡು ಮಾತನಾಡಿದ ಅವರು, ಬೇಡರ ಕುಲದಲ್ಲಿ ಜನಿಸಿದ ವಾಲ್ಮೀಕಿ ತಮ್ಮ ತಪಸ್ಸಿನ ಶಕ್ತಿಯಿಂದ ಮಹರ್ಷಿಯಾಗಿ ಬೆಳೆದರು. ಅವರ ಜೀವನ ಎಲ್ಲರಿಗೂ ಪ್ರೇರಣೆಯಾಗಿದೆ. ಸಮಾಜದಲ್ಲಿ ಎಲ್ಲ ಸಮುದಾಯಗಳು ಶಿಕ್ಷಣ, ಆರ್ಥಿಕ ಹಾಗೂ ಸಾಮಾಜಿಕವಾಗಿ ಮುಂದೆ ಬರಬೇಕು. ಮಕ್ಕಳಿಗೆ ಉತ್ತಮ ಶಿಕ್ಷಣ ಕೊಡಿಸಬೇಕು ಎಂದರು. ಉಪನ್ಯಾಸ ನೀಡಿದ ಶಿಕ್ಷಕರು ವಾಲ್ಮೀಕಿಯವರ ಜೀವನ ಚರಿತ್ರೆ, ರಾಮಾಯಣದ ಮೌಲ್ಯಗಳ ಕುರಿತು ವಿವರಿಸಿದರು. ಸಹಬಾಳ್ವೆ, ಸತ್ಯ, ಧರ್ಮ, ಕರ್ತವ್ಯಪ್ರಜ್ಞೆ ರಾಮಾಯಣದ ಪ್ರಮುಖ ಸಂದೇಶಗಳಾಗಿವೆ. ಸಮಾಜದ ಏಳಿಗೆಗೆ ಎಲ್ಲರೂ ಶ್ರಮಿಸಬೇಕು ಎಂದರು. ಈ ವೇಳೆ ಪುರಸಭೆ ಅಧ್ಯಕ್ಷರು, ಉಪಾಧ್ಯಕ್ಷರು, ಸದಸ್ಯರು, ತಹಶೀಲ್ದಾರರು, ತಾಲೂಕು ಪಂಚಾಯತ ಕಾರ್ಯನಿರ್ವಾಹಕ ಅಧಿಕಾರಿಗಳು, ವಿವಿಧ ಇಲಾಖೆಗಳ ಅಧಿಕಾರಿಗಳು, ಸಮಾಜದ ಮುಖಂಡರು ಹಾಗೂ ಸಾರ್ವಜನಿಕರು ಉಪಸ್ಥಿತರಿದ್ದರು. ಮೆರವಣಿಗೆಯಲ್ಲಿ ವಿವಿಧ ಕಲಾತಂಡಗಳು ಪಾಲ್ಗೊಂಡು ಮೆರುಗು ನೀಡಿದವು. ವಾಲ್ಮೀಕಿ ಭಾವಚಿತ್ರದ ಮೆರವಣಿಗೆ ಪಟ್ಟಣದ ಪ್ರಮುಖ ಬೀದಿಗಳಲ್ಲಿ ಸಂಚರಿಸಿತು. ಸಾಧಕರನ್ನು ಸನ್ಮಾನಿಸಲಾಯಿತು.
ಮಗುವಿನ ಏಳಿಗೆಗೆ ಪೂರಕವಾದ ತಯಾರಿ ಶಿಕ್ಷಕರ ಜವಾಬ್ದಾರಿ : ಆರ್‌ಎಸ್ ಬುರಡಿ
(ಹುಬ್ಬಳ್ಳಿ ವರದಿ)
ಗದಗ ಅ.20- ಪ್ರತಿ ಮಗು ವಿಭಿನ್ನ ಸಾಮರ್ಥ್ಯ ಹೊಂದಿರುತ್ತದೆ. ಅದನ್ನು ಗುರುತಿಸಿ ಅವರ ಏಳಿಗೆಗೆ ಪೂರಕವಾದ ತಯಾರಿ ಮಾಡುವುದು ಪ್ರತಿಯೊಬ್ಬ ಶಿಕ್ಷಕರ ಜವಾಬ್ದಾರಿಯಾಗಿದೆ ಎಂದು ಜಿಲ್ಲಾ ಶಿಕ್ಷಣ ಮತ್ತು ತರಬೇತಿ ಸಂಸ್ಥೆಯ ಪ್ರಾಚಾರ್ಯರಾದ ಆರ್.ಎಸ್. ಬುರಡಿ ಹೇಳಿದರು. ನಗರದ ಡಯಟ್ ಸಭಾಂಗಣದಲ್ಲಿ ಹಮ್ಮಿಕೊಂಡಿದ್ದ ಶಿಕ್ಷಕರ ತರಬೇತಿ ಕಾರ್ಯಾಗಾರ ಉದ್ಘಾಟಿಸಿ ಮಾತನಾಡಿದ ಅವರು, ಮಕ್ಕಳ ಕಲಿಕೆಯಲ್ಲಿ ಶಿಕ್ಷಕರ ಪಾತ್ರ ಮಹತ್ವದ್ದಾಗಿದೆ. ಶಿಕ್ಷಕರು ನಿರಂತರ ಕಲಿಕೆಯಲ್ಲಿ ತೊಡಗಿಕೊಳ್ಳಬೇಕು. ಬದಲಾದ ಕಾಲಕ್ಕೆ ತಕ್ಕಂತೆ ಬೋಧನಾ ವಿಧಾನಗಳನ್ನು ಅಳವಡಿಸಿಕೊಳ್ಳಬೇಕು. ತಂತ್ರಜ್ಞಾನವನ್ನು ಸಮರ್ಪಕವಾಗಿ ಬಳಸಿಕೊಳ್ಳಬೇಕು ಎಂದರು. ರಾಷ್ಟ್ರೀಯ ಶಿಕ್ಷಣ ನೀತಿಯ ಉದ್ದೇಶಗಳನ್ನು ಸಾಕಾರಗೊಳಿಸುವಲ್ಲಿ ಶಿಕ್ಷಕರ ಸಹಕಾರ ಅಗತ್ಯ. ಮಕ್ಕಳ ಮನಸ್ಸನ್ನು ಅರಿತು ಬೋಧನೆ ಮಾಡಿದಾಗ ಉತ್ತಮ ಫಲಿತಾಂಶ ಸಾಧ್ಯ. 2009 ರ ಶಿಕ್ಷಣ ಹಕ್ಕು ಕಾಯ್ದೆಯ ಪ್ರಕಾರ 6 ರಿಂದ 14 ವರ್ಷದ ಮಕ್ಕಳಿಗೆ ಉಚಿತ ಹಾಗೂ ಕಡ್ಡಾಯ ಶಿಕ್ಷಣ ನೀಡಬೇಕು. ಶಾಲೆಯಿಂದ ಹೊರಗುಳಿದ ಮಕ್ಕಳನ್ನು ಮರಳಿ ಶಾಲೆಗೆ ಕರೆತರುವ ಕಾರ್ಯ ನಡೆಯಬೇಕು. ಶಿಕ್ಷಕರು ಮಕ್ಕಳ ಮೌಲ್ಯಮಾಪನವನ್ನು ನಿರಂತರವಾಗಿ ಮಾಡಬೇಕು. ಪೋಷಕರೊಂದಿಗೆ ಸಂಪರ್ಕ ಇಟ್ಟುಕೊಳ್ಳಬೇಕು ಎಂದರು. ಕಾರ್ಯಾಗಾರದಲ್ಲಿ ಡಯಟ್ ಉಪನ್ಯಾಸಕರು, ಸಂಪನ್ಮೂಲ ವ್ಯಕ್ತಿಗಳು, ವಿವಿಧ ತಾಲೂಕುಗಳ ಶಿಕ್ಷಕರು ಭಾಗವಹಿಸಿದ್ದರು. ಶಿಕ್ಷಕರು ತರಬೇತಿಯ ಪ್ರಯೋಜನ ಪಡೆದು ತರಗತಿಯಲ್ಲಿ ಅಳವಡಿಸಿಕೊಳ್ಳಬೇಕು ಎಂದು ಸಲಹೆ ನೀಡಿದರು. ಪ್ರಾಸ್ತಾವಿಕವಾಗಿ ಮಾತನಾಡಿದ ಹಿರಿಯ ಉಪನ್ಯಾಸಕರು ಕಾರ್ಯಾಗಾರದ ಉದ್ದೇಶ ವಿವರಿಸಿದರು. ಕೊನೆಯಲ್ಲಿ ವಂದನಾರ್ಪಣೆ ಮಾಡಲಾಯಿತು.
ಗದಗ ಅ.20- ಪ್ರತಿ ಮಗು ವಿಭಿನ್ನ ಸಾಮರ್ಥ್ಯ ಹೊಂದಿರುತ್ತದೆ. ಅದನ್ನು ಗುರುತಿಸಿ ಅವರ ಏಳಿಗೆಗೆ ಪೂರಕವಾದ ತಯಾರಿ ಮಾಡುವುದು ಪ್ರತಿಯೊಬ್ಬ ಶಿಕ್ಷಕರ ಜವಾಬ್ದಾರಿಯಾಗಿದೆ ಎಂದು ಜಿಲ್ಲಾ ಶಿಕ್ಷಣ ಮತ್ತು ತರಬೇತಿ ಸಂಸ್ಥೆಯ ಪ್ರಾಚಾರ್ಯರಾದ ಆರ್.ಎಸ್. ಬುರಡಿ ಹೇಳಿದರು. ನಗರದ ಡಯಟ್ ಸಭಾಂಗಣದಲ್ಲಿ ಹಮ್ಮಿಕೊಂಡಿದ್ದ ಶಿಕ್ಷಕರ ತರಬೇತಿ ಕಾರ್ಯಾಗಾರ ಉದ್ಘಾಟಿಸಿ ಮಾತನಾಡಿದ ಅವರು, ಮಕ್ಕಳ ಕಲಿಕೆಯಲ್ಲಿ ಶಿಕ್ಷಕರ ಪಾತ್ರ ಮಹತ್ವದ್ದಾಗಿದೆ. ಶಿಕ್ಷಕರು ನಿರಂತರ ಕಲಿಕೆಯಲ್ಲಿ ತೊಡಗಿಕೊಳ್ಳಬೇಕು. ಬದಲಾದ ಕಾಲಕ್ಕೆ ತಕ್ಕಂತೆ ಬೋಧನಾ ವಿಧಾನಗಳನ್ನು ಅಳವಡಿಸಿಕೊಳ್ಳಬೇಕು. ತಂತ್ರಜ್ಞಾನವನ್ನು ಸಮರ್ಪಕವಾಗಿ ಬಳಸಿಕೊಳ್ಳಬೇಕು ಎಂದರು. ರಾಷ್ಟ್ರೀಯ ಶಿಕ್ಷಣ ನೀತಿಯ ಉದ್ದೇಶಗಳನ್ನು ಸಾಕಾರಗೊಳಿಸುವಲ್ಲಿ ಶಿಕ್ಷಕರ ಸಹಕಾರ ಅಗತ್ಯ. ಮಕ್ಕಳ ಮನಸ್ಸನ್ನು ಅರಿತು ಬೋಧನೆ ಮಾಡಿದಾಗ ಉತ್ತಮ ಫಲಿತಾಂಶ ಸಾಧ್ಯ. 2009 ರ ಶಿಕ್ಷಣ ಹಕ್ಕು ಕಾಯ್ದೆಯ ಪ್ರಕಾರ 6 ರಿಂದ 14 ವರ್ಷದ ಮಕ್ಕಳಿಗೆ ಉಚಿತ ಹಾಗೂ ಕಡ್ಡಾಯ ಶಿಕ್ಷಣ ನೀಡಬೇಕು. ಶಾಲೆಯಿಂದ ಹೊರಗುಳಿದ ಮಕ್ಕಳನ್ನು ಮರಳಿ ಶಾಲೆಗೆ ಕರೆತರುವ ಕಾರ್ಯ ನಡೆಯಬೇಕು. ಶಿಕ್ಷಕರು ಮಕ್ಕಳ ಮೌಲ್ಯಮಾಪನವನ್ನು ನಿರಂತರವಾಗಿ ಮಾಡಬೇಕು. ಪೋಷಕರೊಂದಿಗೆ ಸಂಪರ್ಕ ಇಟ್ಟುಕೊಳ್ಳಬೇಕು ಎಂದರು. ಕಾರ್ಯಾಗಾರದಲ್ಲಿ ಡಯಟ್ ಉಪನ್ಯಾಸಕರು, ಸಂಪನ್ಮೂಲ ವ್ಯಕ್ತಿಗಳು, ವಿವಿಧ ತಾಲೂಕುಗಳ ಶಿಕ್ಷಕರು ಭಾಗವಹಿಸಿದ್ದರು. ಶಿಕ್ಷಕರು ತರಬೇತಿಯ ಪ್ರಯೋಜನ ಪಡೆದು ತರಗತಿಯಲ್ಲಿ ಅಳವಡಿಸಿಕೊಳ್ಳಬೇಕು ಎಂದು ಸಲಹೆ ನೀಡಿದರು. ಪ್ರಾಸ್ತಾವಿಕವಾಗಿ ಮಾತನಾಡಿದ ಹಿರಿಯ ಉಪನ್ಯಾಸಕರು ಕಾರ್ಯಾಗಾರದ ಉದ್ದೇಶ ವಿವರಿಸಿದರು. ಕೊನೆಯಲ್ಲಿ ವಂದನಾರ್ಪಣೆ ಮಾಡಲಾಯಿತು.
ಗದಗ ಅ.20- ಪ್ರತಿ ಮಗು ವಿಭಿನ್ನ ಸಾಮರ್ಥ್ಯ ಹೊಂದಿರುತ್ತದೆ. ಅದನ್ನು ಗುರುತಿಸಿ ಅವರ ಏಳಿಗೆಗೆ ಪೂರಕವಾದ ತಯಾರಿ ಮಾಡುವುದು ಪ್ರತಿಯೊಬ್ಬ ಶಿಕ್ಷಕರ ಜವಾಬ್ದಾರಿಯಾಗಿದೆ ಎಂದು ಜಿಲ್ಲಾ ಶಿಕ್ಷಣ ಮತ್ತು ತರಬೇತಿ ಸಂಸ್ಥೆಯ ಪ್ರಾಚಾರ್ಯರಾದ ಆರ್.ಎಸ್. ಬುರಡಿ ಹೇಳಿದರು. ನಗರದ ಡಯಟ್ ಸಭಾಂಗಣದಲ್ಲಿ ಹಮ್ಮಿಕೊಂಡಿದ್ದ ಶಿಕ್ಷಕರ ತರಬೇತಿ ಕಾರ್ಯಾಗಾರ ಉದ್ಘಾಟಿಸಿ ಮಾತನಾಡಿದ ಅವರು, ಮಕ್ಕಳ ಕಲಿಕೆಯಲ್ಲಿ ಶಿಕ್ಷಕರ ಪಾತ್ರ ಮಹತ್ವದ್ದಾಗಿದೆ. ಶಿಕ್ಷಕರು ನಿರಂತರ ಕಲಿಕೆಯಲ್ಲಿ ತೊಡಗಿಕೊಳ್ಳಬೇಕು. ಬದಲಾದ ಕಾಲಕ್ಕೆ ತಕ್ಕಂತೆ ಬೋಧನಾ ವಿಧಾನಗಳನ್ನು ಅಳವಡಿಸಿಕೊಳ್ಳಬೇಕು. ತಂತ್ರಜ್ಞಾನವನ್ನು ಸಮರ್ಪಕವಾಗಿ ಬಳಸಿಕೊಳ್ಳಬೇಕು ಎಂದರು. ರಾಷ್ಟ್ರೀಯ ಶಿಕ್ಷಣ ನೀತಿಯ ಉದ್ದೇಶಗಳನ್ನು ಸಾಕಾರಗೊಳಿಸುವಲ್ಲಿ ಶಿಕ್ಷಕರ ಸಹಕಾರ ಅಗತ್ಯ. ಮಕ್ಕಳ ಮನಸ್ಸನ್ನು ಅರಿತು ಬೋಧನೆ ಮಾಡಿದಾಗ ಉತ್ತಮ ಫಲಿತಾಂಶ ಸಾಧ್ಯ. 2009 ರ ಶಿಕ್ಷಣ ಹಕ್ಕು ಕಾಯ್ದೆಯ ಪ್ರಕಾರ 6 ರಿಂದ 14 ವರ್ಷದ ಮಕ್ಕಳಿಗೆ ಉಚಿತ ಹಾಗೂ ಕಡ್ಡಾಯ ಶಿಕ್ಷಣ ನೀಡಬೇಕು. ಶಾಲೆಯಿಂದ ಹೊರಗುಳಿದ ಮಕ್ಕಳನ್ನು ಮರಳಿ ಶಾಲೆಗೆ ಕರೆತರುವ ಕಾರ್ಯ ನಡೆಯಬೇಕು. ಶಿಕ್ಷಕರು ಮಕ್ಕಳ ಮೌಲ್ಯಮಾಪನವನ್ನು ನಿರಂತರವಾಗಿ ಮಾಡಬೇಕು. ಪೋಷಕರೊಂದಿಗೆ ಸಂಪರ್ಕ ಇಟ್ಟುಕೊಳ್ಳಬೇಕು ಎಂದರು. ಕಾರ್ಯಾಗಾರದಲ್ಲಿ ಡಯಟ್ ಉಪನ್ಯಾಸಕರು, ಸಂಪನ್ಮೂಲ ವ್ಯಕ್ತಿಗಳು, ವಿವಿಧ ತಾಲೂಕುಗಳ ಶಿಕ್ಷಕರು ಭಾಗವಹಿಸಿದ್ದರು. ಶಿಕ್ಷಕರು ತರಬೇತಿಯ ಪ್ರಯೋಜನ ಪಡೆದು ತರಗತಿಯಲ್ಲಿ ಅಳವಡಿಸಿಕೊಳ್ಳಬೇಕು ಎಂದು ಸಲಹೆ ನೀಡಿದರು. ಪ್ರಾಸ್ತಾವಿಕವಾಗಿ ಮಾತನಾಡಿದ ಹಿರಿಯ ಉಪನ್ಯಾಸಕರು ಕಾರ್ಯಾಗಾರದ ಉದ್ದೇಶ ವಿವರಿಸಿದರು. ಕೊನೆಯಲ್ಲಿ ವಂದನಾರ್ಪಣೆ ಮಾಡಲಾಯಿತು.
ಸಹಕಾರ ರತ್ನ ಪ್ರಶಸ್ತಿಗೆ ಅರ್ಜಿ ಆಹ್ವಾನ
ಬಾಗಲಕೋಟೆ: ಅ.20-	ಸನ್ 2024ನೇ ಸಾಲಿನ ರಾಜ್ಯ ಮಟ್ಟದ ಸಹಕಾರ ರತ್ನ ಪ್ರಶಸ್ತಿ ನೀಡಲು ಅರ್ಹ ಸಹಕಾರಿಗಳಿಂದ ಅರ್ಜಿ ಆಹ್ವಾನಿಸಲಾಗಿದೆ. ಅರ್ಜಿ ಸಲ್ಲಿಸುವ ಸಹಕಾರಿಗಳು ಕನಿಷ್ಠ 10 ವರ್ಷ ಸೇವೆ ಸಲ್ಲಿಸಿರಬೇಕು. ಸಹಕಾರ ಕ್ಷೇತ್ರದಲ್ಲಿ ಗಣನೀಯ ಸಾಧನೆ ಮಾಡಿರಬೇಕು. ಭರ್ತಿ ಮಾಡಿದ ಅರ್ಜಿಗಳನ್ನು ನಿಗದಿತ ದಿನಾಂಕದೊಳಗೆ ಸಹಕಾರ ಸಂಘಗಳ ಉಪ ನಿಬಂಧಕರ ಕಚೇರಿಗೆ ಸಲ್ಲಿಸಬೇಕು. ಕರ್ನಾಟಕ ಸಹಕಾರ ಸಂಘಗಳ ಕಾಯ್ದೆ 1959 ರ ನಿಯಮಗಳ ಅನ್ವಯ ಆಯ್ಕೆ ಪ್ರಕ್ರಿಯೆ ನಡೆಯಲಿದೆ. ಹೆಚ್ಚಿನ ಮಾಹಿತಿಗೆ ಜಿಲ್ಲಾ ಸಹಕಾರ ಯೂನಿಯನ್ ಕಚೇರಿಯನ್ನು ಸಂಪರ್ಕಿಸಬಹುದು. ಅರ್ಜಿ ನಮೂನೆಯನ್ನು ಕಚೇರಿಯಿಂದ ಪಡೆದುಕೊಳ್ಳಬಹುದು ಎಂದು ಪ್ರಕಟಣೆ ತಿಳಿಸಿದೆ. ಈ ಪ್ರಶಸ್ತಿಯನ್ನು ಸಹಕಾರ ಸಪ್ತಾಹದ ಸಂದರ್ಭದಲ್ಲಿ ಪ್ರದಾನ ಮಾಡಲಾಗುವುದು ಎಂದು ತಿಳಿಸಲಾಗಿದೆ.
